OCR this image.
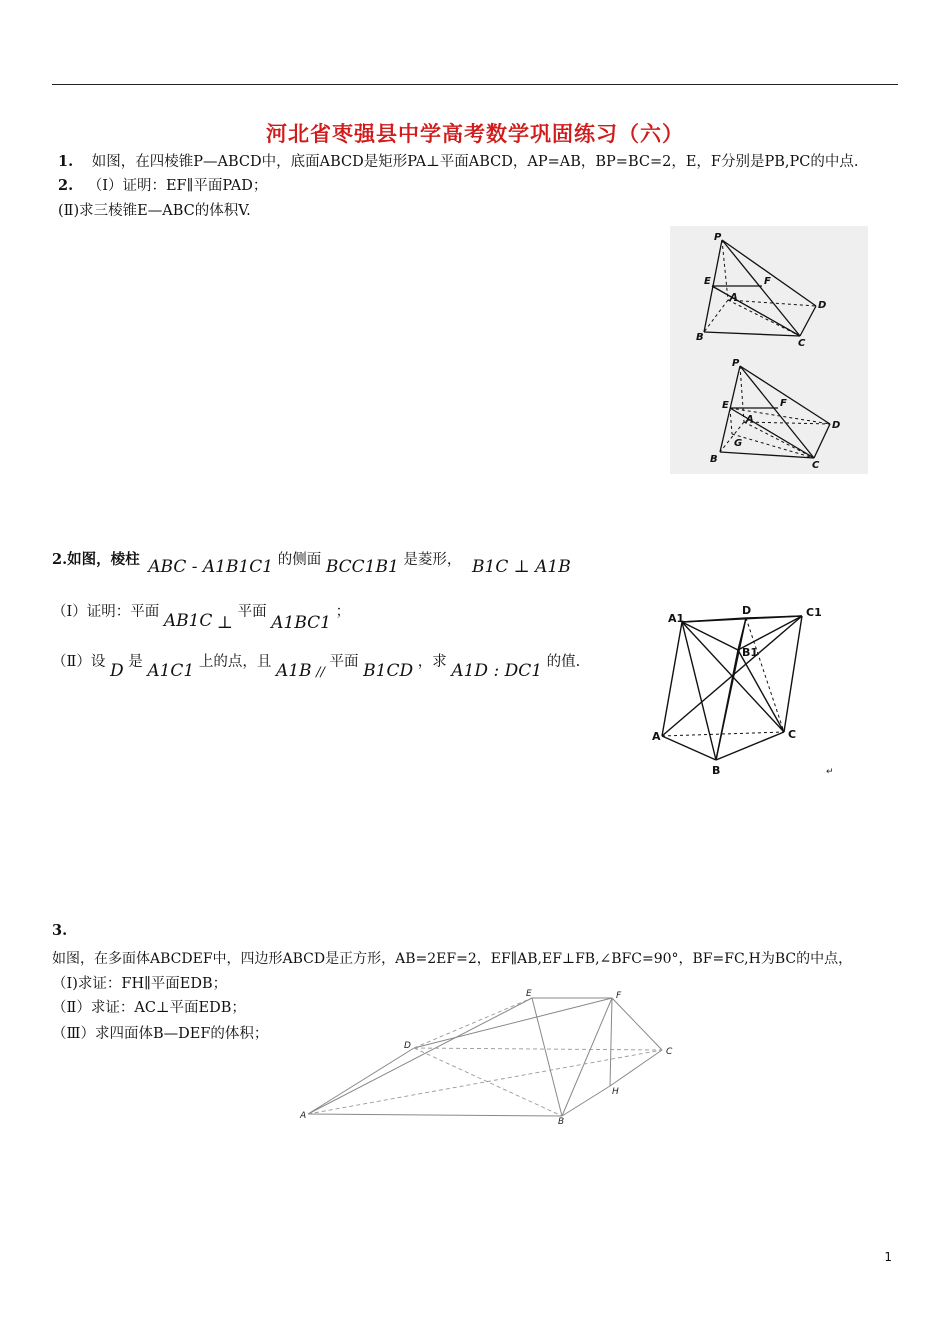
河北省枣强县中学高考数学巩固练习（六）
1. 如图，在四棱锥P—ABCD中，底面ABCD是矩形PA⊥平面ABCD，AP=AB，BP=BC=2，E，F分别是PB,PC的中点.
2. （Ⅰ）证明：EF∥平面PAD；
(Ⅱ)求三棱锥E—ABC的体积V.
P
E	F
A
D
B
C
P
E	F
A
D
B
C
G
2.如图，棱柱 ABC - A1B1C1 的侧面 BCC1B1 是菱形， B1C ⊥ A1B
（Ⅰ）证明：平面 AB1C ⊥ 平面 A1BC1 ；
（Ⅱ）设 D 是 A1C1 上的点，且 A1B // 平面 B1CD ，求 A1D : DC1 的值.
A1
D	C1
B1
A	C
B	↵
3.
如图，在多面体ABCDEF中，四边形ABCD是正方形，AB=2EF=2，EF∥AB,EF⊥FB,∠BFC=90°，BF=FC,H为BC的中点，
（Ⅰ)求证：FH∥平面EDB；
（Ⅱ）求证：AC⊥平面EDB；
（Ⅲ）求四面体B—DEF的体积；
E	F
D
C
H
A
B
1
